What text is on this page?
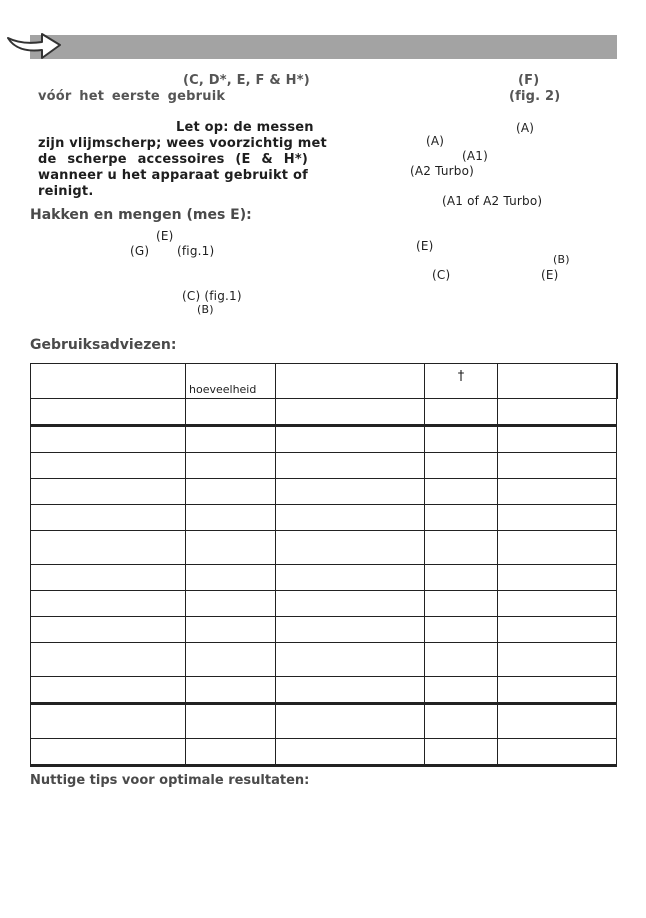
(C, D*, E, F & H*)
vóór het eerste gebruik
Let op: de messen
zijn vlijmscherp; wees voorzichtig met
de scherpe accessoires (E & H*)
wanneer u het apparaat gebruikt of
reinigt.
Hakken en mengen (mes E):
(E)
(G) (fig.1)
(C) (fig.1)
(B)
(F)
(fig. 2)
(A)
(A)
(A1)
(A2 Turbo)
(A1 of A2 Turbo)
(E)
(B)
(C)	(E)
Gebruiksadviezen:
	hoeveelheid		†	

Nuttige tips voor optimale resultaten:
